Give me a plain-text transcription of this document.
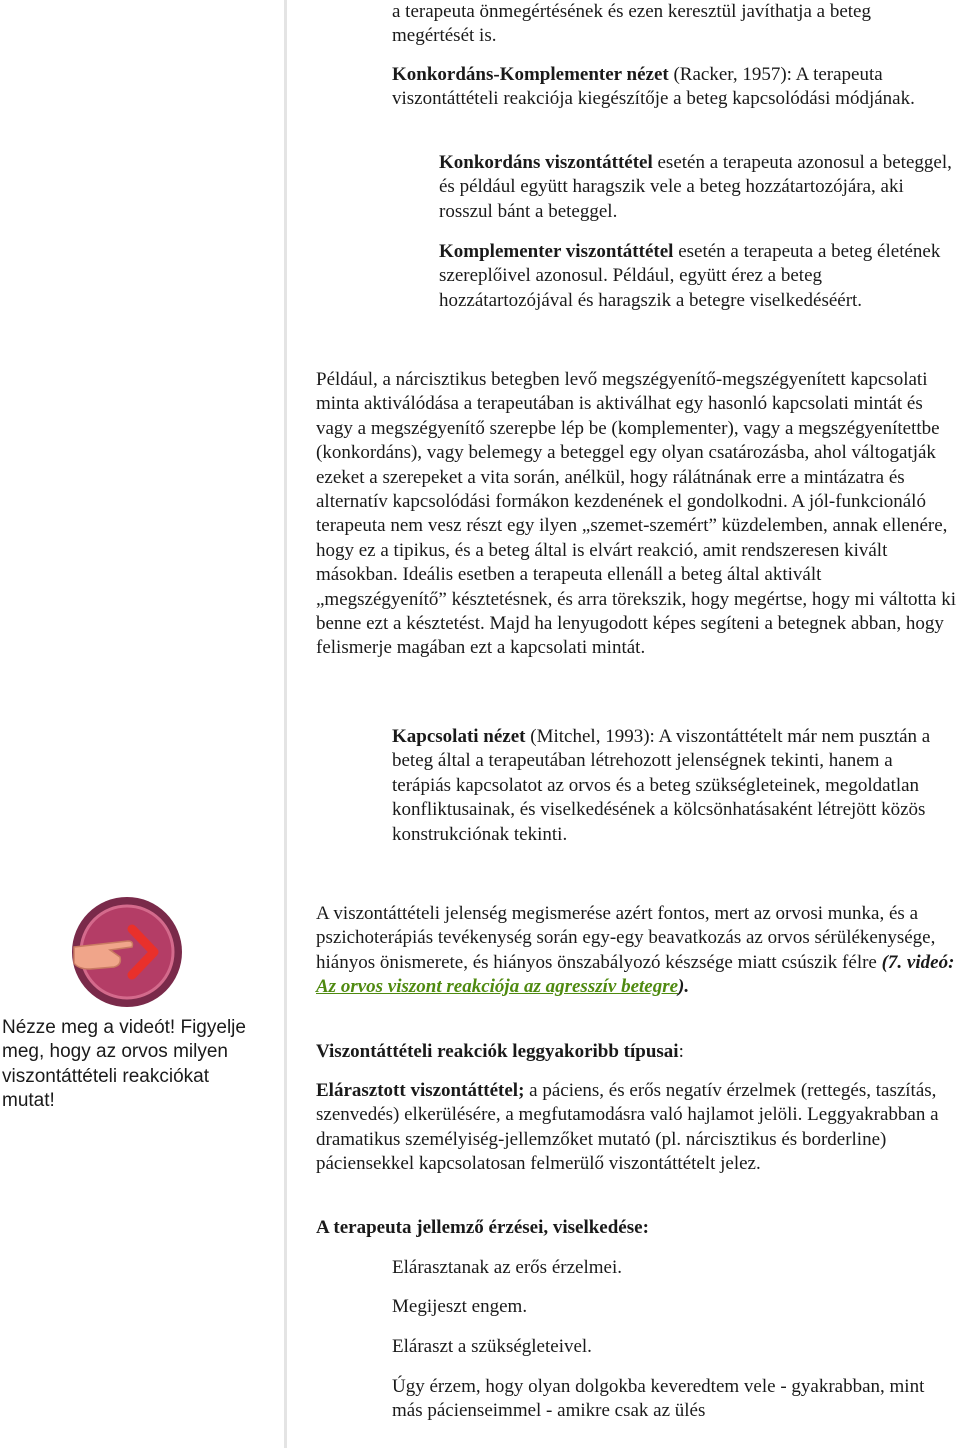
a terapeuta önmegértésének és ezen keresztül javíthatja a beteg megértését is.

Konkordáns-Komplementer nézet (Racker, 1957): A terapeuta viszontáttételi reakciója kiegészítője a beteg kapcsolódási módjának.

Konkordáns viszontáttétel esetén a terapeuta azonosul a beteggel, és például együtt haragszik vele a beteg hozzátartozójára, aki rosszul bánt a beteggel.

Komplementer viszontáttétel esetén a terapeuta a beteg életének szereplőivel azonosul. Például, együtt érez a beteg hozzátartozójával és haragszik a betegre viselkedéséért.

Például, a nárcisztikus betegben levő megszégyenítő-megszégyenített kapcsolati minta aktiválódása a terapeutában is aktiválhat egy hasonló kapcsolati mintát és vagy a megszégyenítő szerepbe lép be (komplementer), vagy a megszégyenítettbe (konkordáns), vagy belemegy a beteggel egy olyan csatározásba, ahol váltogatják ezeket a szerepeket a vita során, anélkül, hogy rálátnának erre a mintázatra és alternatív kapcsolódási formákon kezdenének el gondolkodni. A jól-funkcionáló terapeuta nem vesz részt egy ilyen „szemet-szemért” küzdelemben, annak ellenére, hogy ez a tipikus, és a beteg által is elvárt reakció, amit rendszeresen kivált másokban. Ideális esetben a terapeuta ellenáll a beteg által aktivált „megszégyenítő” késztetésnek, és arra törekszik, hogy megértse, hogy mi váltotta ki benne ezt a késztetést. Majd ha lenyugodott képes segíteni a betegnek abban, hogy felismerje magában ezt a kapcsolati mintát.

Kapcsolati nézet (Mitchel, 1993): A viszontáttételt már nem pusztán a beteg által a terapeutában létrehozott jelenségnek tekinti, hanem a terápiás kapcsolatot az orvos és a beteg szükségleteinek, megoldatlan konfliktusainak, és viselkedésének a kölcsönhatásaként létrejött közös konstrukciónak tekinti.

A viszontáttételi jelenség megismerése azért fontos, mert az orvosi munka, és a pszichoterápiás tevékenység során egy-egy beavatkozás az orvos sérülékenysége, hiányos önismerete, és hiányos önszabályozó készsége miatt csúszik félre (7. videó: Az orvos viszont reakciója az agresszív betegre).

Viszontáttételi reakciók leggyakoribb típusai:

Elárasztott viszontáttétel; a páciens, és erős negatív érzelmek (rettegés, taszítás, szenvedés) elkerülésére, a megfutamodásra való hajlamot jelöli. Leggyakrabban a dramatikus személyiség-jellemzőket mutató (pl. nárcisztikus és borderline) páciensekkel kapcsolatosan felmerülő viszontáttételt jelez.

A terapeuta jellemző érzései, viselkedése:

Elárasztanak az erős érzelmei.

Megijeszt engem.

Eláraszt a szükségleteivel.

Úgy érzem, hogy olyan dolgokba keveredtem vele - gyakrabban, mint más pácienseimmel - amikre csak az ülés

Nézze meg a videót! Figyelje meg, hogy az orvos milyen viszontáttételi reakciókat mutat!
